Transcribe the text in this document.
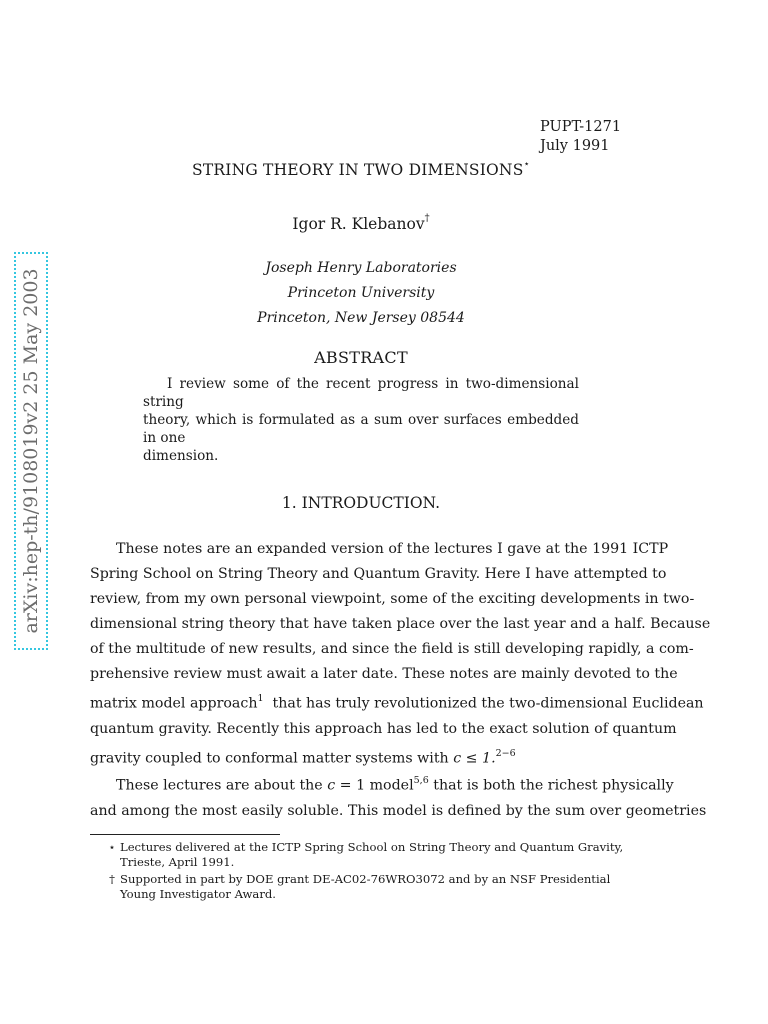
arXiv:hep-th/9108019v2 25 May 2003
PUPT-1271
July 1991
STRING THEORY IN TWO DIMENSIONS⋆
Igor R. Klebanov†
Joseph Henry Laboratories
Princeton University
Princeton, New Jersey 08544
ABSTRACT
I review some of the recent progress in two-dimensional string
theory, which is formulated as a sum over surfaces embedded in one
dimension.
1. INTRODUCTION.
These notes are an expanded version of the lectures I gave at the 1991 ICTP
Spring School on String Theory and Quantum Gravity. Here I have attempted to
review, from my own personal viewpoint, some of the exciting developments in two-
dimensional string theory that have taken place over the last year and a half. Because
of the multitude of new results, and since the field is still developing rapidly, a com-
prehensive review must await a later date. These notes are mainly devoted to the
matrix model approach$^1$ that has truly revolutionized the two-dimensional Euclidean
quantum gravity. Recently this approach has led to the exact solution of quantum
gravity coupled to conformal matter systems with c ≤ 1.$^{2-6}$
These lectures are about the c = 1 model$^{5,6}$ that is both the richest physically
and among the most easily soluble. This model is defined by the sum over geometries
⋆ Lectures delivered at the ICTP Spring School on String Theory and Quantum Gravity, Trieste, April 1991.
† Supported in part by DOE grant DE-AC02-76WRO3072 and by an NSF Presidential Young Investigator Award.
